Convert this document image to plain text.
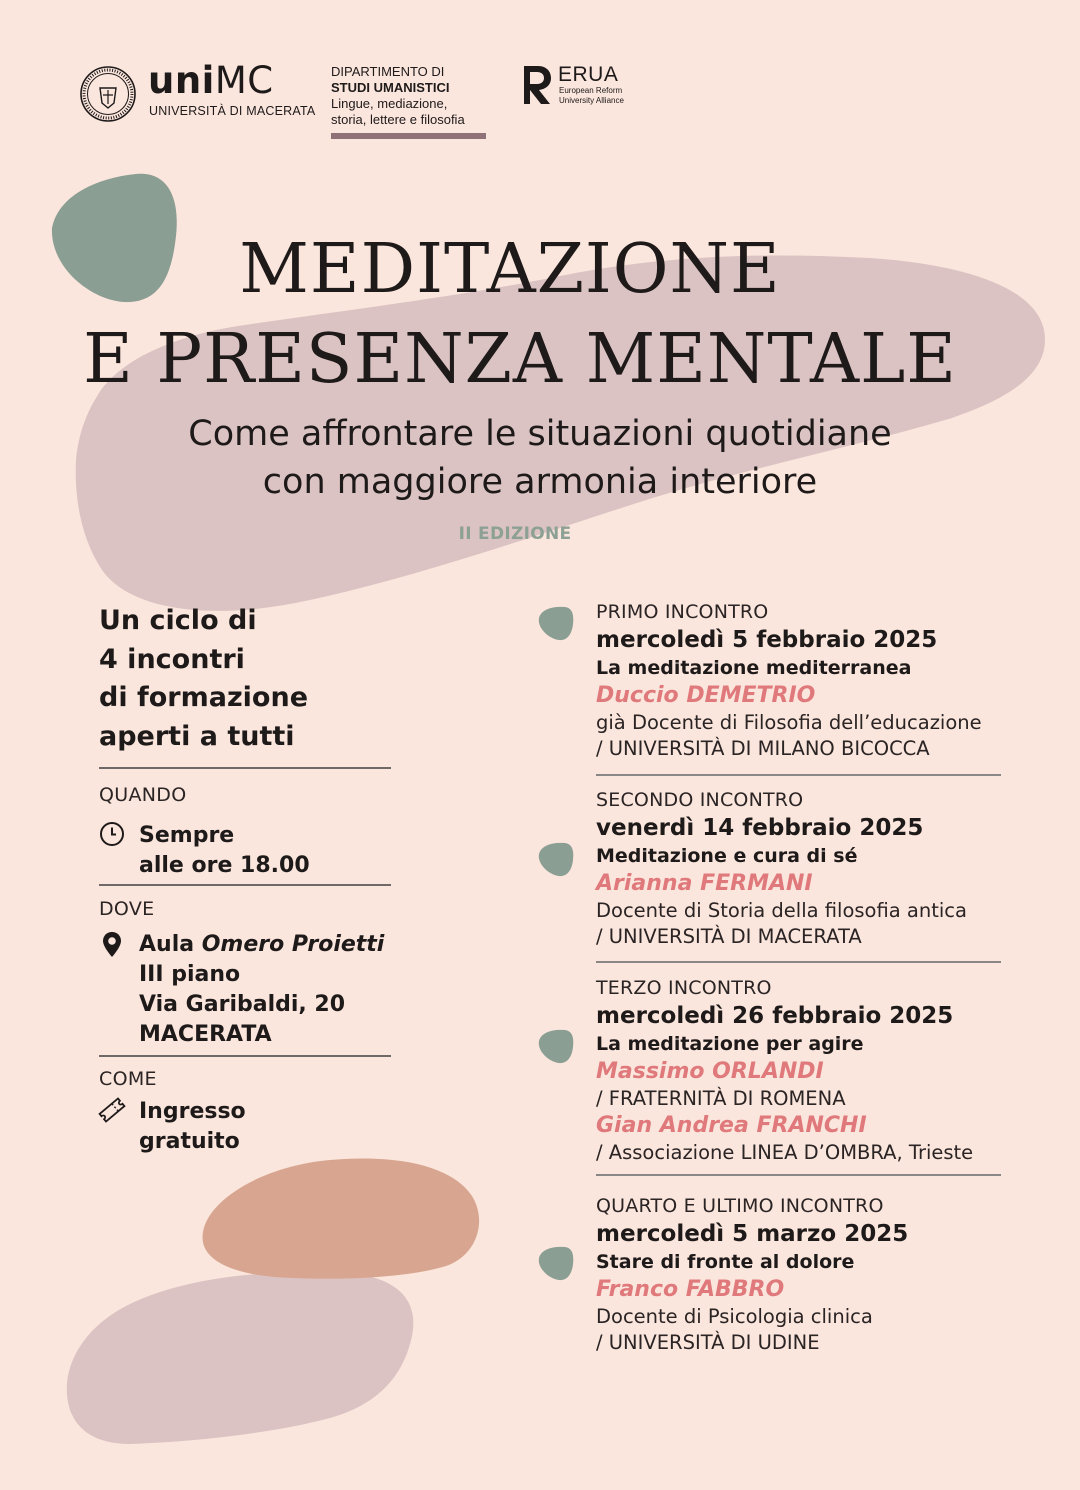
uniMC
UNIVERSITÀ DI MACERATA
DIPARTIMENTO DI
STUDI UMANISTICI
Lingue, mediazione,
storia, lettere e filosofia
ERUA
European Reform
University Alliance
MEDITAZIONE
E PRESENZA MENTALE
Come affrontare le situazioni quotidiane
con maggiore armonia interiore
II EDIZIONE
Un ciclo di
4 incontri
di formazione
aperti a tutti
QUANDO
Sempre
alle ore 18.00
DOVE
Aula Omero Proietti
III piano
Via Garibaldi, 20
MACERATA
COME
Ingresso
gratuito
PRIMO INCONTRO
mercoledì 5 febbraio 2025
La meditazione mediterranea
Duccio DEMETRIO
già Docente di Filosofia dell’educazione
/ UNIVERSITÀ DI MILANO BICOCCA
SECONDO INCONTRO
venerdì 14 febbraio 2025
Meditazione e cura di sé
Arianna FERMANI
Docente di Storia della filosofia antica
/ UNIVERSITÀ DI MACERATA
TERZO INCONTRO
mercoledì 26 febbraio 2025
La meditazione per agire
Massimo ORLANDI
/ FRATERNITÀ DI ROMENA
Gian Andrea FRANCHI
/ Associazione LINEA D’OMBRA, Trieste
QUARTO E ULTIMO INCONTRO
mercoledì 5 marzo 2025
Stare di fronte al dolore
Franco FABBRO
Docente di Psicologia clinica
/ UNIVERSITÀ DI UDINE
